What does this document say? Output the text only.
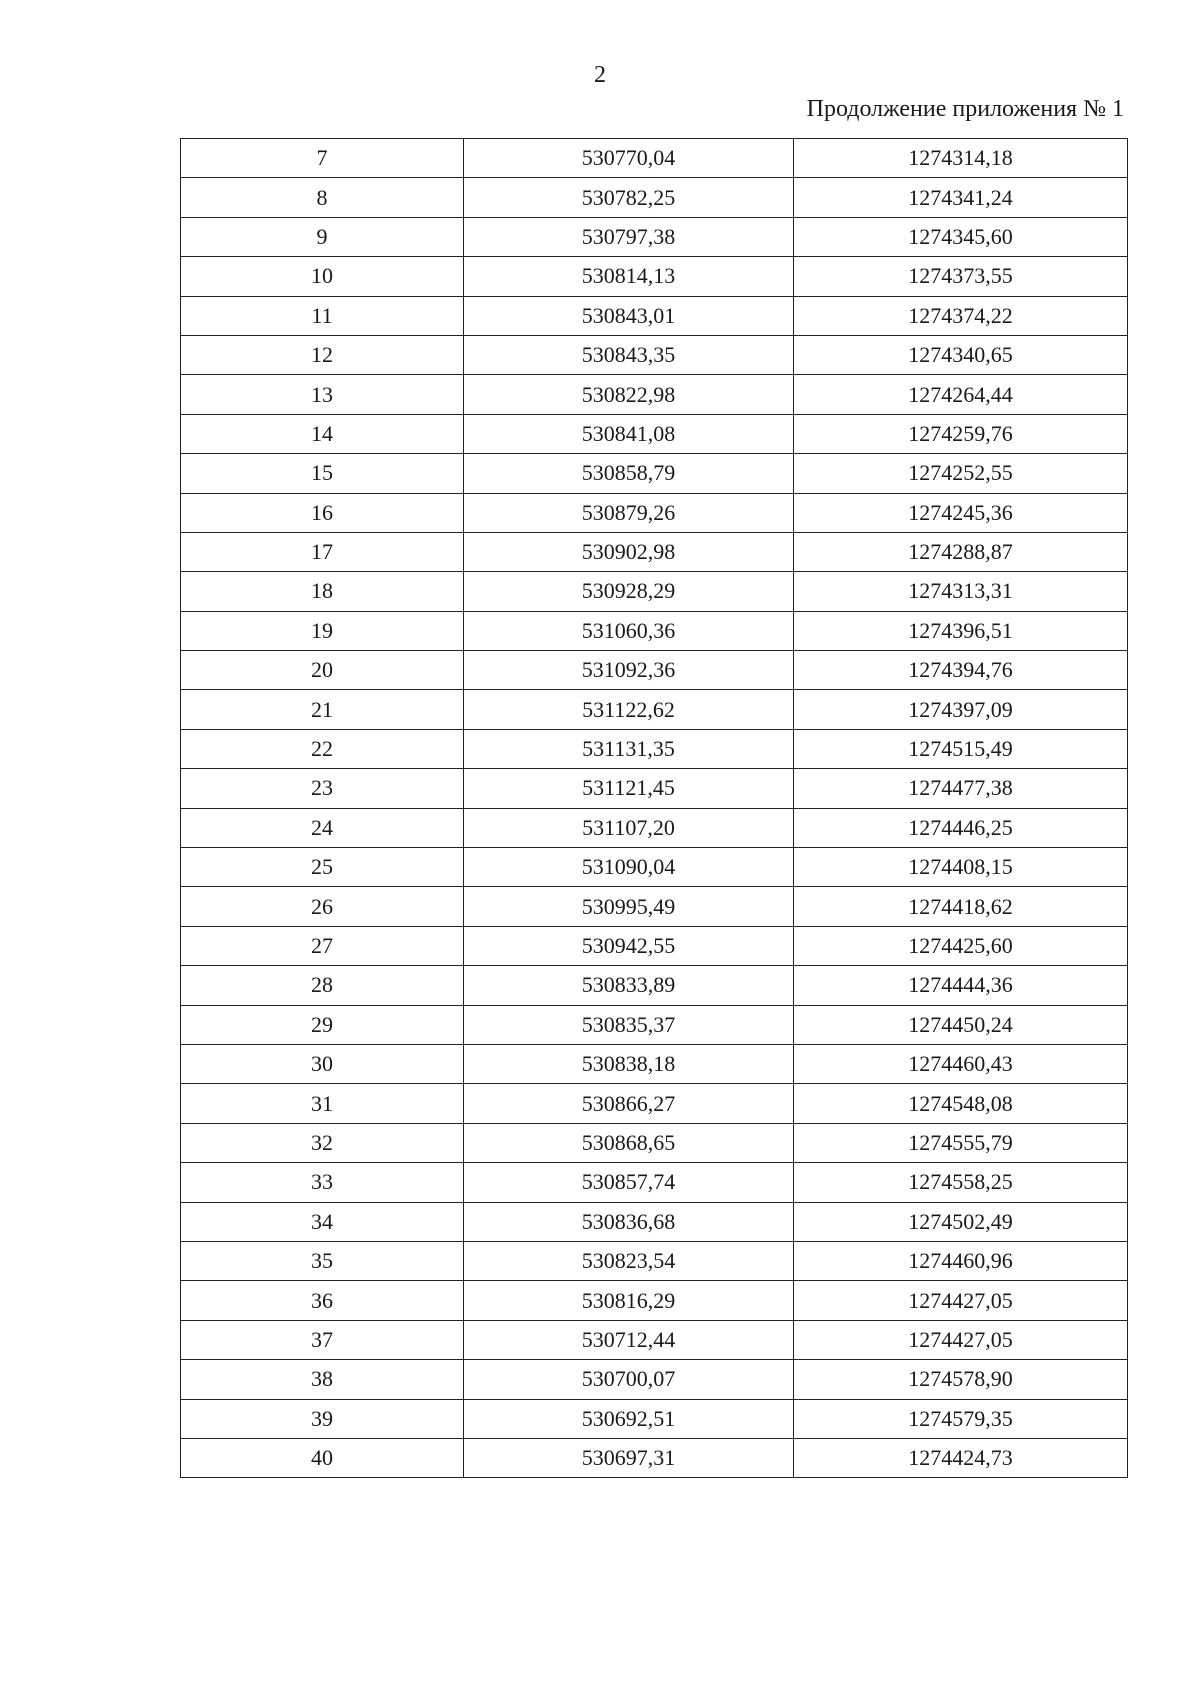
2
Продолжение приложения № 1
7	530770,04	1274314,18
8	530782,25	1274341,24
9	530797,38	1274345,60
10	530814,13	1274373,55
11	530843,01	1274374,22
12	530843,35	1274340,65
13	530822,98	1274264,44
14	530841,08	1274259,76
15	530858,79	1274252,55
16	530879,26	1274245,36
17	530902,98	1274288,87
18	530928,29	1274313,31
19	531060,36	1274396,51
20	531092,36	1274394,76
21	531122,62	1274397,09
22	531131,35	1274515,49
23	531121,45	1274477,38
24	531107,20	1274446,25
25	531090,04	1274408,15
26	530995,49	1274418,62
27	530942,55	1274425,60
28	530833,89	1274444,36
29	530835,37	1274450,24
30	530838,18	1274460,43
31	530866,27	1274548,08
32	530868,65	1274555,79
33	530857,74	1274558,25
34	530836,68	1274502,49
35	530823,54	1274460,96
36	530816,29	1274427,05
37	530712,44	1274427,05
38	530700,07	1274578,90
39	530692,51	1274579,35
40	530697,31	1274424,73
